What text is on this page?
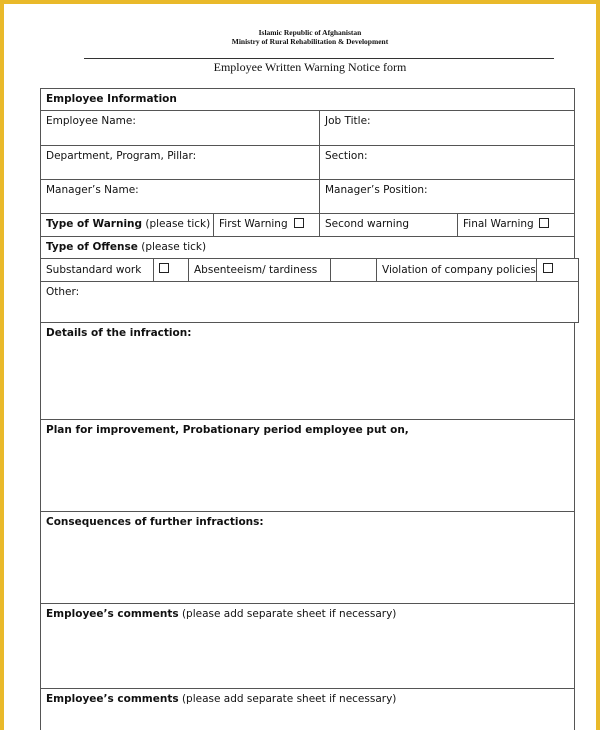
Islamic Republic of Afghanistan
Ministry of Rural Rehabilitation & Development
Employee Written Warning Notice form
Employee Information
Employee Name:	Job Title:
Department, Program, Pillar:	Section:
Manager’s Name:	Manager’s Position:
Type of Warning (please tick) First Warning	Second warning	Final Warning
Type of Offense (please tick)
Substandard work	Absenteeism/ tardiness	Violation of company policies
Other:
Details of the infraction:
Plan for improvement, Probationary period employee put on,
Consequences of further infractions:
Employee’s comments (please add separate sheet if necessary)
Employee’s comments (please add separate sheet if necessary)
